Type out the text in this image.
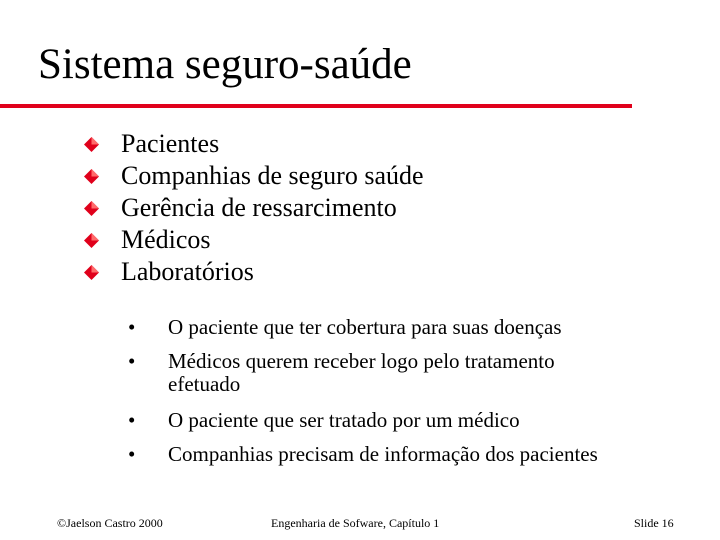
Sistema seguro-saúde
Pacientes
Companhias de seguro saúde
Gerência de ressarcimento
Médicos
Laboratórios
•	O paciente que ter cobertura para suas doenças
•	Médicos querem receber logo pelo tratamento efetuado
•	O paciente que ser tratado por um médico
•	Companhias precisam de informação dos pacientes
©Jaelson Castro 2000	Engenharia de Sofware, Capítulo 1	Slide 16
